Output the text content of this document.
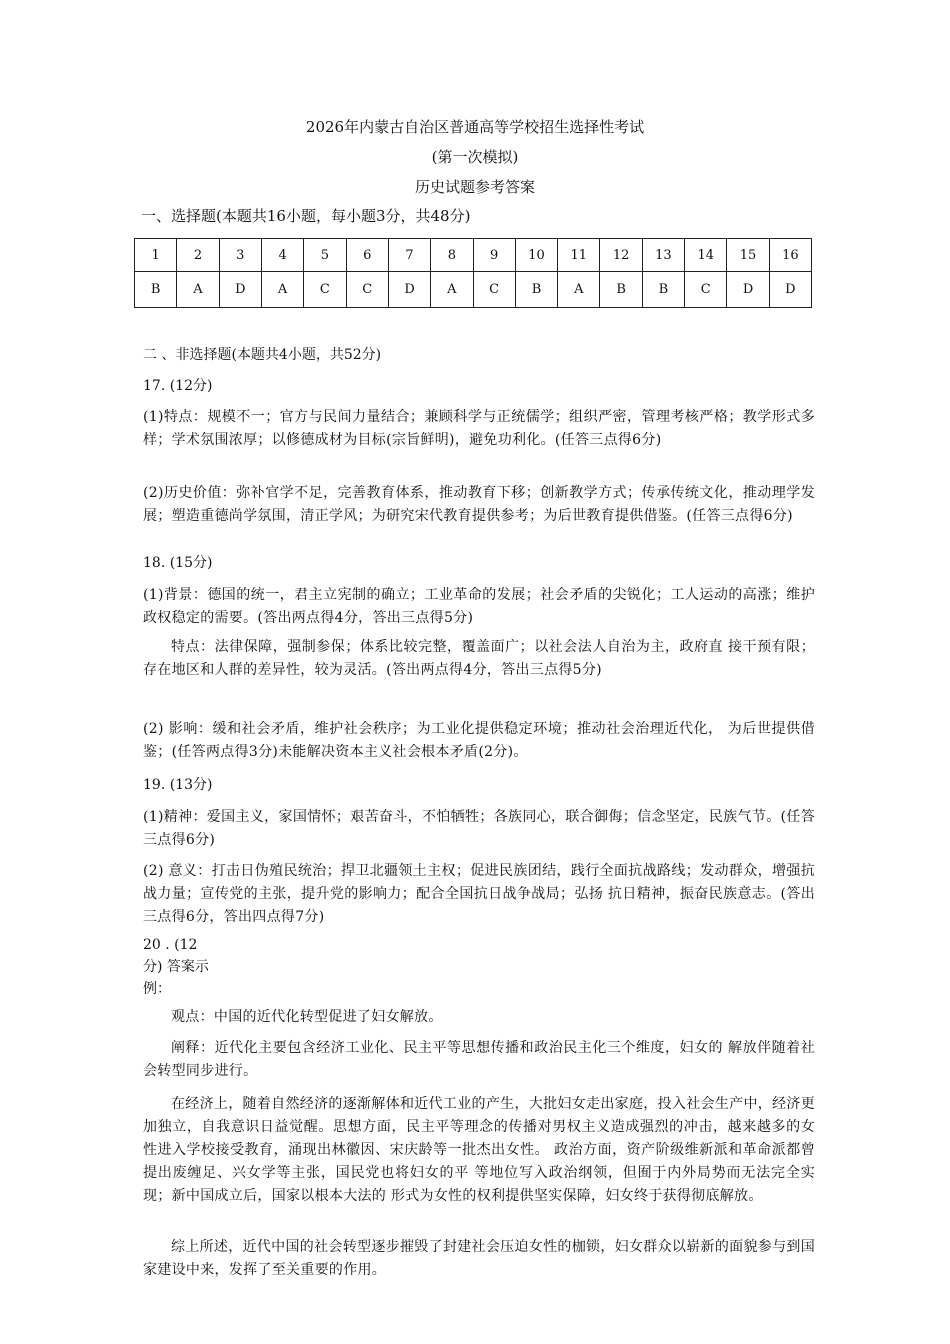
2026年内蒙古自治区普通高等学校招生选择性考试
(第一次模拟)
历史试题参考答案
一、选择题(本题共16小题，每小题3分，共48分)
1	2	3	4	5	6	7	8	9	10	11	12	13	14	15	16
B	A	D	A	C	C	D	A	C	B	A	B	B	C	D	D
二 、非选择题(本题共4小题，共52分)
17. (12分)
(1)特点：规模不一；官方与民间力量结合；兼顾科学与正统儒学；组织严密，管理考核严格；教学形式多样；学术氛围浓厚；以修德成材为目标(宗旨鲜明)，避免功利化。(任答三点得6分)
(2)历史价值：弥补官学不足，完善教育体系，推动教育下移；创新教学方式；传承传统文化，推动理学发展；塑造重德尚学氛围，清正学风；为研究宋代教育提供参考；为后世教育提供借鉴。(任答三点得6分)
18. (15分)
(1)背景：德国的统一，君主立宪制的确立；工业革命的发展；社会矛盾的尖锐化；工人运动的高涨；维护政权稳定的需要。(答出两点得4分，答出三点得5分)
特点：法律保障，强制参保；体系比较完整，覆盖面广；以社会法人自治为主，政府直 接干预有限；存在地区和人群的差异性，较为灵活。(答出两点得4分，答出三点得5分)
(2) 影响：缓和社会矛盾，维护社会秩序；为工业化提供稳定环境；推动社会治理近代化， 为后世提供借鉴；(任答两点得3分)未能解决资本主义社会根本矛盾(2分)。
19. (13分)
(1)精神：爱国主义，家国情怀；艰苦奋斗，不怕牺牲；各族同心，联合御侮；信念坚定，民族气节。(任答三点得6分)
(2) 意义：打击日伪殖民统治；捍卫北疆领土主权；促进民族团结，践行全面抗战路线；发动群众，增强抗战力量；宣传党的主张，提升党的影响力；配合全国抗日战争战局；弘扬 抗日精神，振奋民族意志。(答出三点得6分，答出四点得7分)
20 . (12
分) 答案示
例：
观点：中国的近代化转型促进了妇女解放。
阐释：近代化主要包含经济工业化、民主平等思想传播和政治民主化三个维度，妇女的 解放伴随着社会转型同步进行。
在经济上，随着自然经济的逐渐解体和近代工业的产生，大批妇女走出家庭，投入社会生产中，经济更加独立，自我意识日益觉醒。思想方面，民主平等理念的传播对男权主义造成强烈的冲击，越来越多的女性进入学校接受教育，涌现出林徽因、宋庆龄等一批杰出女性。 政治方面，资产阶级维新派和革命派都曾提出废缠足、兴女学等主张，国民党也将妇女的平 等地位写入政治纲领，但囿于内外局势而无法完全实现；新中国成立后，国家以根本大法的 形式为女性的权利提供坚实保障，妇女终于获得彻底解放。
综上所述，近代中国的社会转型逐步摧毁了封建社会压迫女性的枷锁，妇女群众以崭新的面貌参与到国家建设中来，发挥了至关重要的作用。
